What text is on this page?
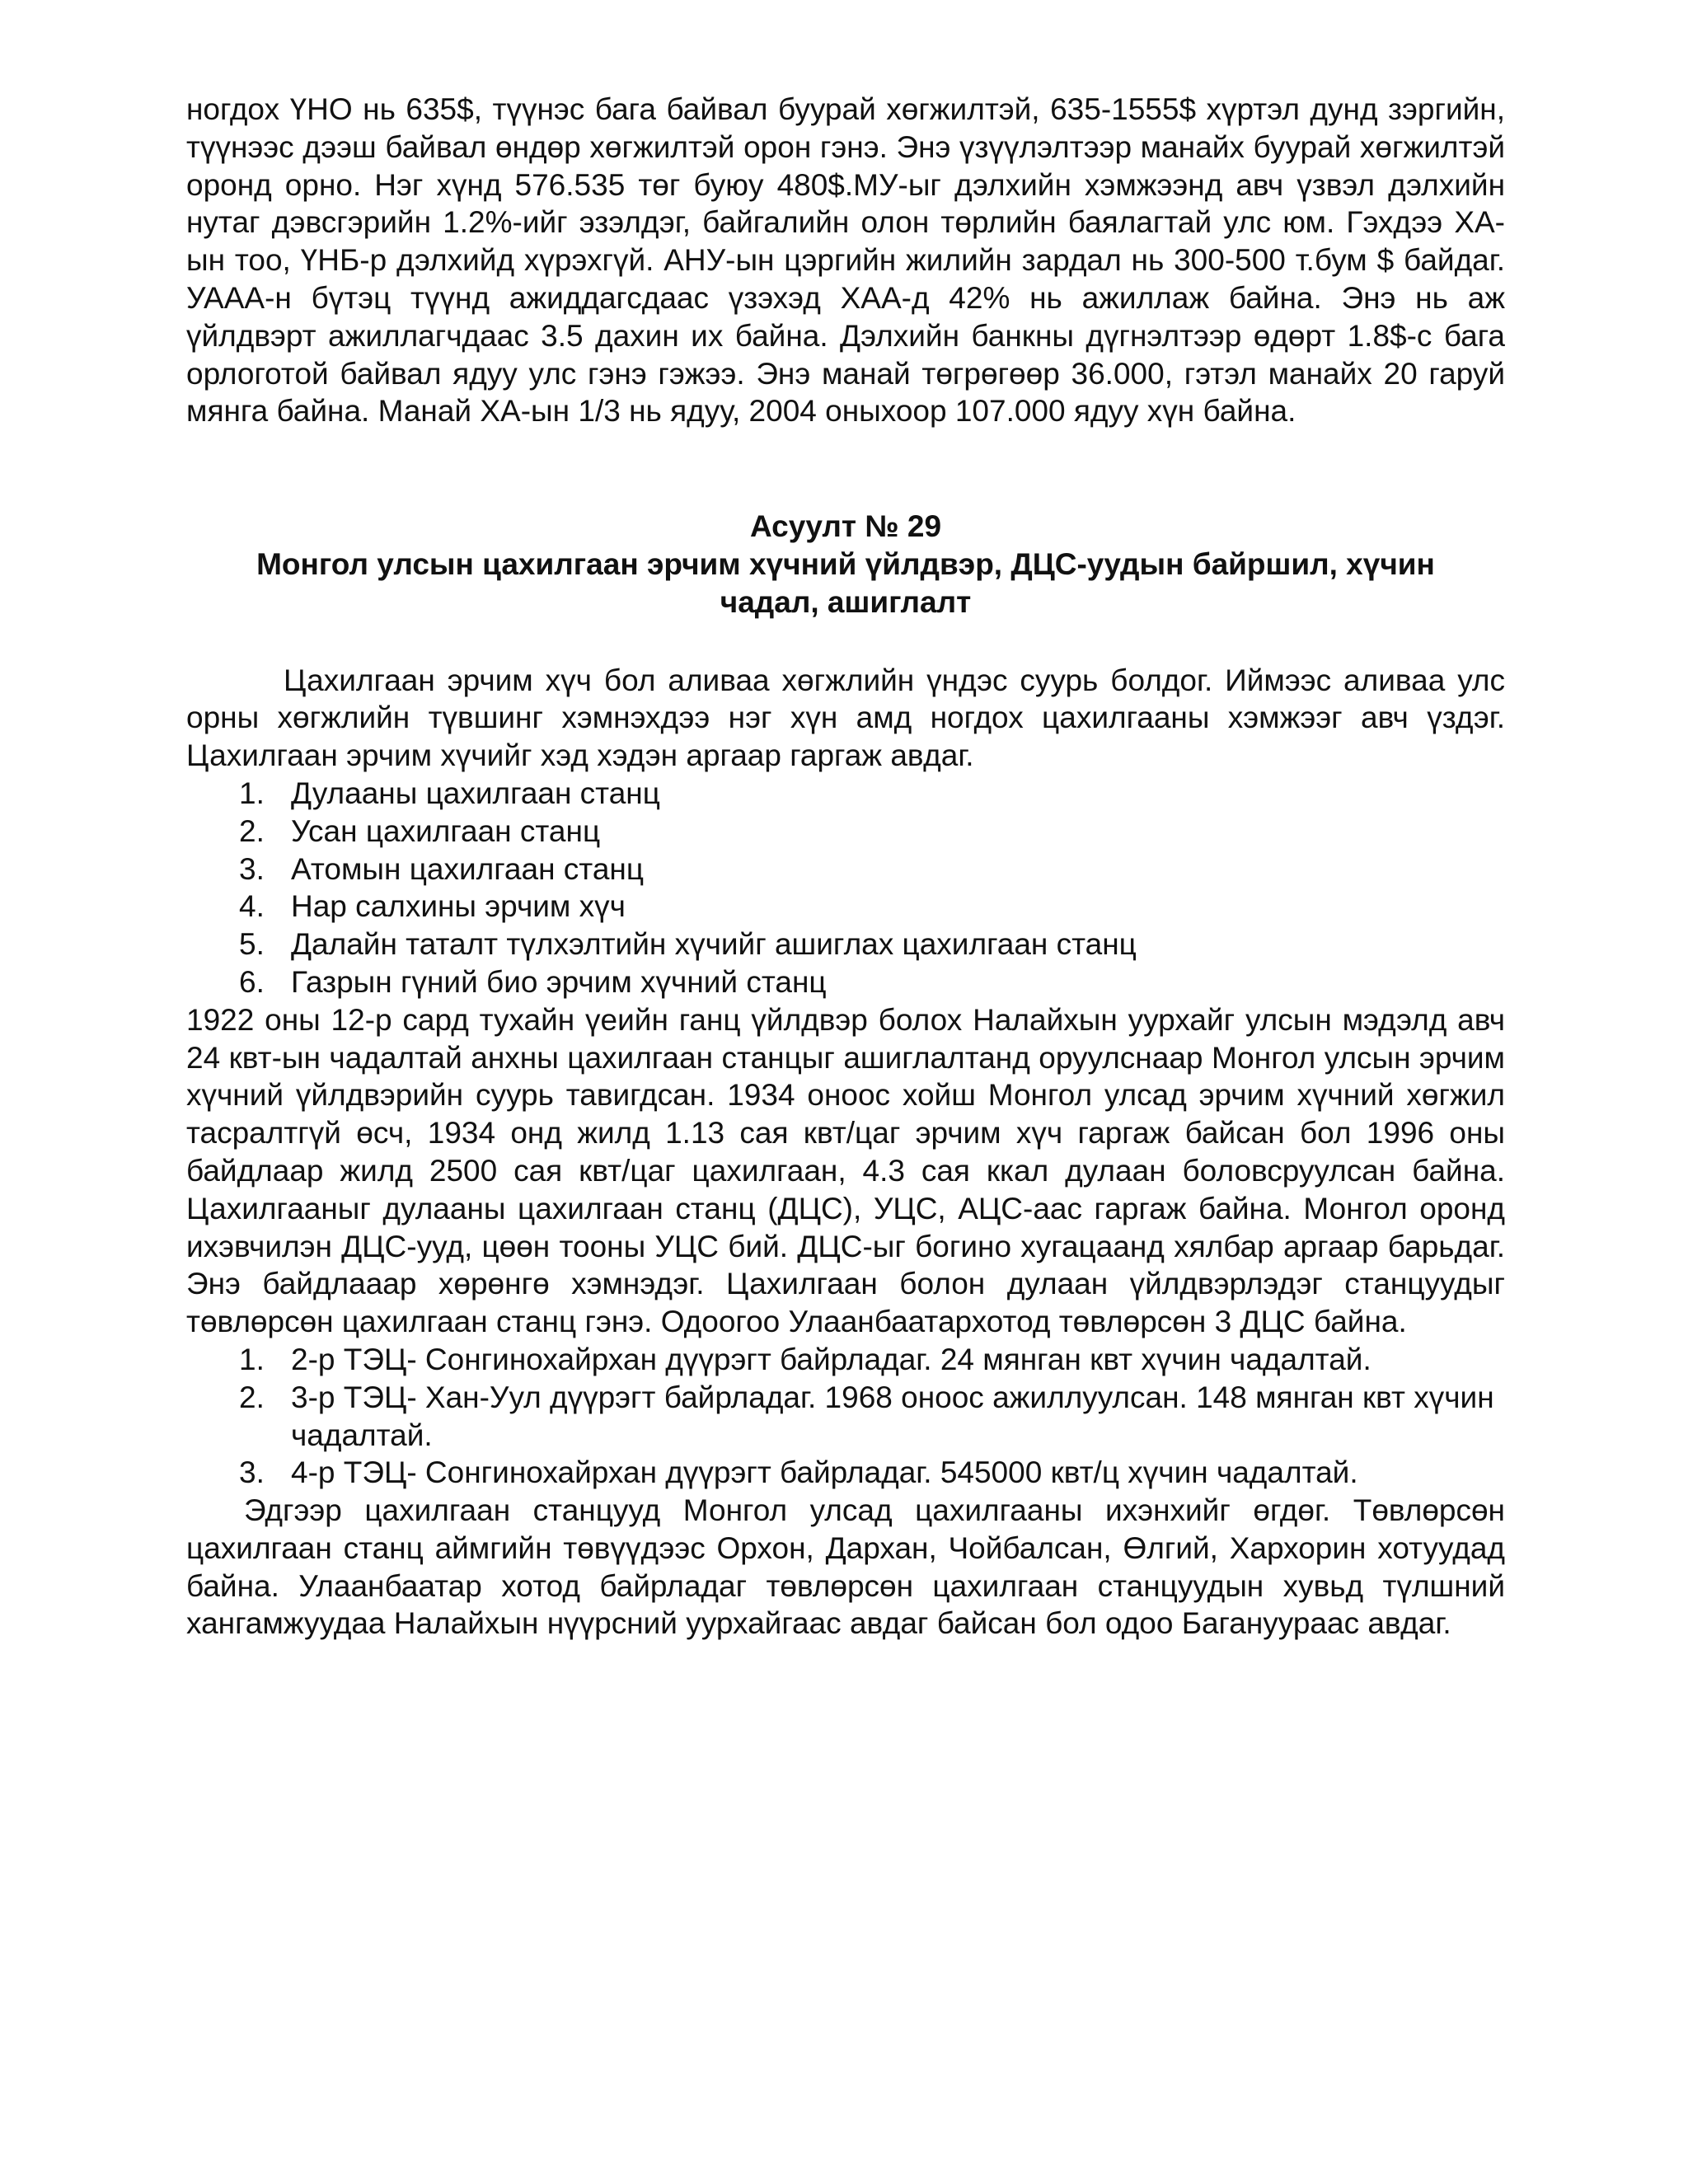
ногдох ҮНО нь 635$, түүнэс бага байвал буурай хөгжилтэй, 635-1555$ хүртэл дунд зэргийн, түүнээс дээш байвал өндөр хөгжилтэй орон гэнэ. Энэ үзүүлэлтээр манайх буурай хөгжилтэй оронд орно. Нэг хүнд 576.535 төг буюу 480$.МУ-ыг дэлхийн хэмжээнд авч үзвэл дэлхийн нутаг дэвсгэрийн 1.2%-ийг эзэлдэг, байгалийн олон төрлийн баялагтай улс юм. Гэхдээ ХА-ын тоо, ҮНБ-р дэлхийд хүрэхгүй. АНУ-ын цэргийн жилийн зардал нь 300-500 т.бум $ байдаг. УААА-н бүтэц түүнд ажиддагсдаас үзэхэд ХАА-д 42% нь ажиллаж байна. Энэ нь аж үйлдвэрт ажиллагчдаас 3.5 дахин их байна. Дэлхийн банкны дүгнэлтээр өдөрт 1.8$-с бага орлоготой байвал ядуу улс гэнэ гэжээ. Энэ манай төгрөгөөр 36.000, гэтэл манайх 20 гаруй мянга байна. Манай ХА-ын 1/3 нь ядуу, 2004 оныхоор 107.000 ядуу хүн байна.

Асуулт № 29
Монгол улсын цахилгаан эрчим хүчний үйлдвэр, ДЦС-уудын байршил, хүчин чадал, ашиглалт

Цахилгаан эрчим хүч бол аливаа хөгжлийн үндэс суурь болдог. Иймээс аливаа улс орны хөгжлийн түвшинг хэмнэхдээ нэг хүн амд ногдох цахилгааны хэмжээг авч үздэг. Цахилгаан эрчим хүчийг хэд хэдэн аргаар гаргаж авдаг.

1. Дулааны цахилгаан станц
2. Усан цахилгаан станц
3. Атомын цахилгаан станц
4. Нар салхины эрчим хүч
5. Далайн таталт түлхэлтийн хүчийг ашиглах цахилгаан станц
6. Газрын гүний био эрчим хүчний станц

1922 оны 12-р сард тухайн үеийн ганц үйлдвэр болох Налайхын уурхайг улсын мэдэлд авч 24 квт-ын чадалтай анхны цахилгаан станцыг ашиглалтанд оруулснаар Монгол улсын эрчим хүчний үйлдвэрийн суурь тавигдсан. 1934 оноос хойш Монгол улсад эрчим хүчний хөгжил тасралтгүй өсч, 1934 онд жилд 1.13 сая квт/цаг эрчим хүч гаргаж байсан бол 1996 оны байдлаар жилд 2500 сая квт/цаг цахилгаан, 4.3 сая ккал дулаан боловсруулсан байна. Цахилгааныг дулааны цахилгаан станц (ДЦС), УЦС, АЦС-аас гаргаж байна. Монгол оронд ихэвчилэн ДЦС-ууд, цөөн тооны УЦС бий. ДЦС-ыг богино хугацаанд хялбар аргаар барьдаг. Энэ байдлааар хөрөнгө хэмнэдэг. Цахилгаан болон дулаан үйлдвэрлэдэг станцуудыг төвлөрсөн цахилгаан станц гэнэ. Одоогоо Улаанбаатархотод төвлөрсөн 3 ДЦС байна.

1. 2-р ТЭЦ- Сонгинохайрхан дүүрэгт байрладаг. 24 мянган квт хүчин чадалтай.
2. 3-р ТЭЦ- Хан-Уул дүүрэгт байрладаг. 1968 оноос ажиллуулсан. 148 мянган квт хүчин чадалтай.
3. 4-р ТЭЦ- Сонгинохайрхан дүүрэгт байрладаг. 545000 квт/ц хүчин чадалтай.

Эдгээр цахилгаан станцууд Монгол улсад цахилгааны ихэнхийг өгдөг. Төвлөрсөн цахилгаан станц аймгийн төвүүдээс Орхон, Дархан, Чойбалсан, Өлгий, Хархорин хотуудад байна. Улаанбаатар хотод байрладаг төвлөрсөн цахилгаан станцуудын хувьд түлшний хангамжуудаа Налайхын нүүрсний уурхайгаас авдаг байсан бол одоо Багануураас авдаг.
